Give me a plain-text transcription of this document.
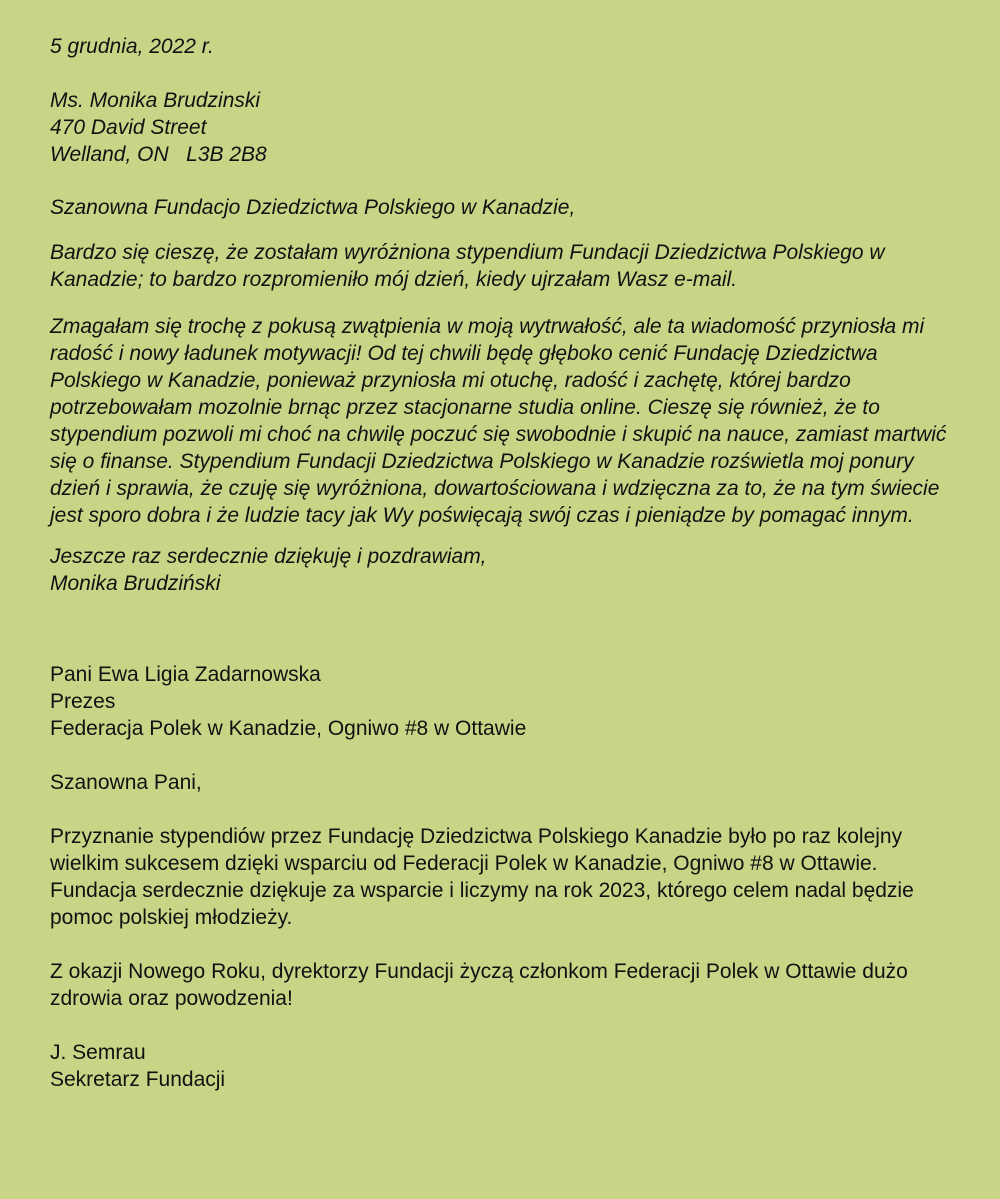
5 grudnia, 2022 r.

Ms. Monika Brudzinski
470 David Street
Welland, ON   L3B 2B8

Szanowna Fundacjo Dziedzictwa Polskiego w Kanadzie,

Bardzo się cieszę, że zostałam wyróżniona stypendium Fundacji Dziedzictwa Polskiego w Kanadzie; to bardzo rozpromieniło mój dzień, kiedy ujrzałam Wasz e-mail.

Zmagałam się trochę z pokusą zwątpienia w moją wytrwałość, ale ta wiadomość przyniosła mi radość i nowy ładunek motywacji! Od tej chwili będę głęboko cenić Fundację Dziedzictwa Polskiego w Kanadzie, ponieważ przyniosła mi otuchę, radość i zachętę, której bardzo potrzebowałam mozolnie brnąc przez stacjonarne studia online. Cieszę się również, że to stypendium pozwoli mi choć na chwilę poczuć się swobodnie i skupić na nauce, zamiast martwić się o finanse. Stypendium Fundacji Dziedzictwa Polskiego w Kanadzie rozświetla moj ponury dzień i sprawia, że czuję się wyróżniona, dowartościowana i wdzięczna za to, że na tym świecie jest sporo dobra i że ludzie tacy jak Wy poświęcają swój czas i pieniądze by pomagać innym.

Jeszcze raz serdecznie dziękuję i pozdrawiam,
Monika Brudziński
Pani Ewa Ligia Zadarnowska
Prezes
Federacja Polek w Kanadzie, Ogniwo #8 w Ottawie

Szanowna Pani,

Przyznanie stypendiów przez Fundację Dziedzictwa Polskiego Kanadzie było po raz kolejny wielkim sukcesem dzięki wsparciu od Federacji Polek w Kanadzie, Ogniwo #8 w Ottawie.
Fundacja serdecznie dziękuje za wsparcie i liczymy na rok 2023, którego celem nadal będzie pomoc polskiej młodzieży.

Z okazji Nowego Roku, dyrektorzy Fundacji życzą członkom Federacji Polek w Ottawie dużo zdrowia oraz powodzenia!

J. Semrau
Sekretarz Fundacji
